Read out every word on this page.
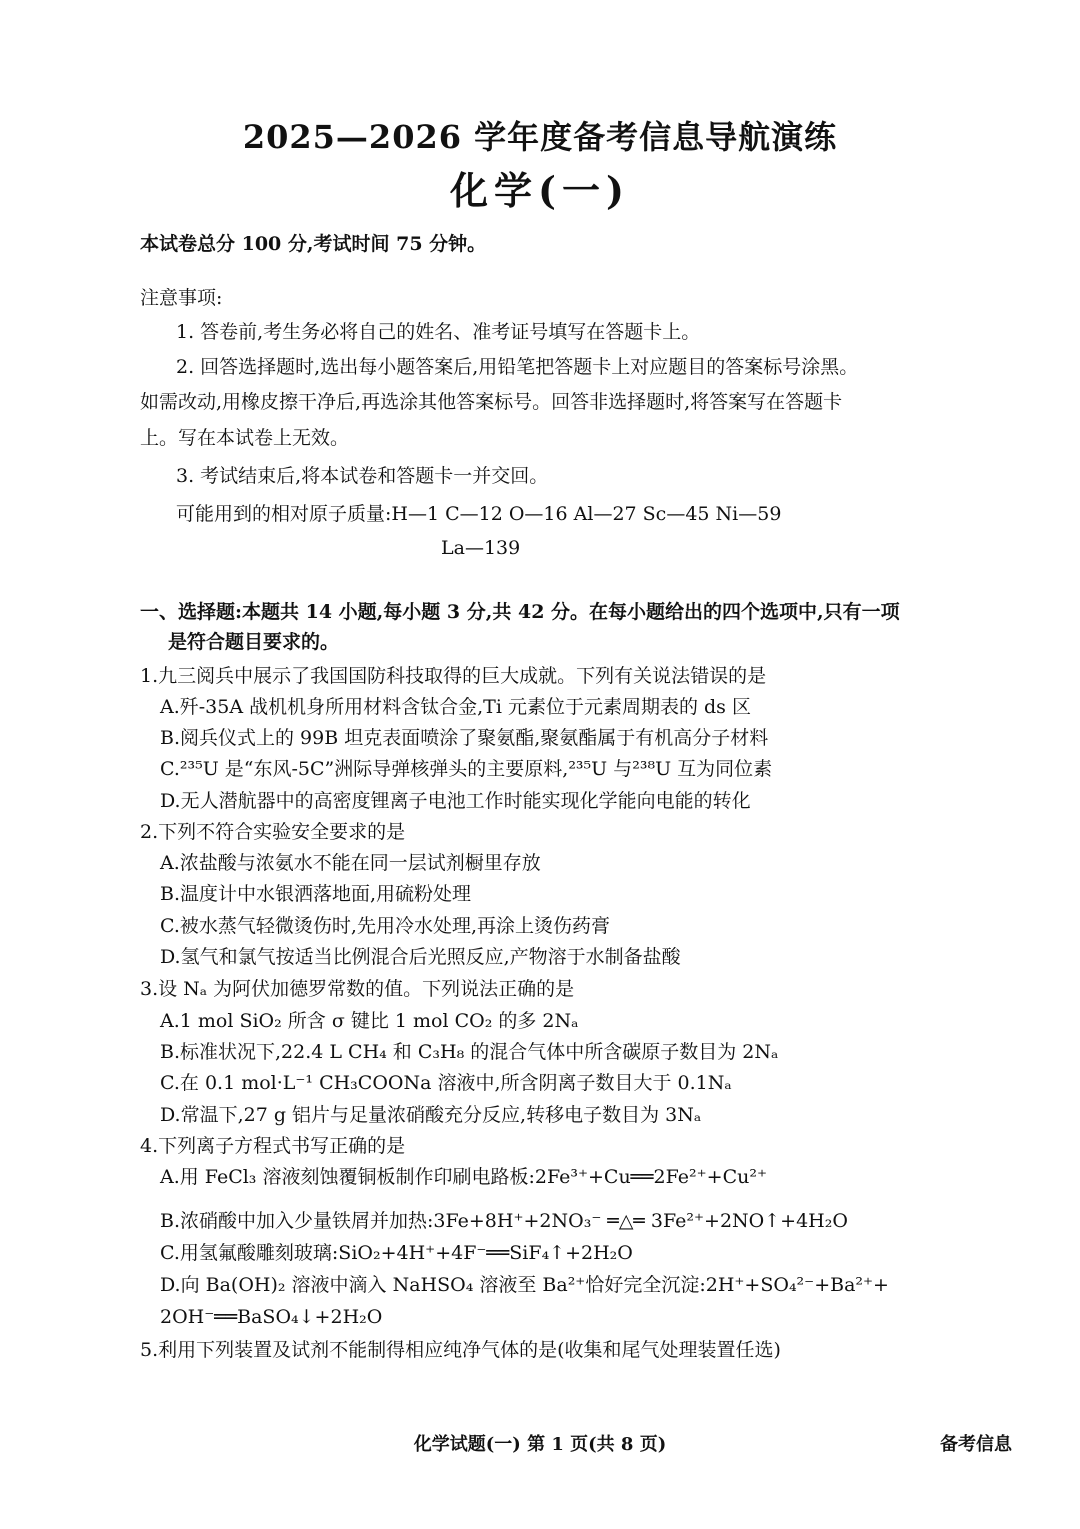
2025—2026 学年度备考信息导航演练
化学(一)
本试卷总分 100 分,考试时间 75 分钟。
注意事项:
1. 答卷前,考生务必将自己的姓名、准考证号填写在答题卡上。
2. 回答选择题时,选出每小题答案后,用铅笔把答题卡上对应题目的答案标号涂黑。
如需改动,用橡皮擦干净后,再选涂其他答案标号。回答非选择题时,将答案写在答题卡
上。写在本试卷上无效。
3. 考试结束后,将本试卷和答题卡一并交回。
可能用到的相对原子质量:H—1 C—12 O—16 Al—27 Sc—45 Ni—59
La—139
一、选择题:本题共 14 小题,每小题 3 分,共 42 分。在每小题给出的四个选项中,只有一项
是符合题目要求的。
1.九三阅兵中展示了我国国防科技取得的巨大成就。下列有关说法错误的是
A.歼-35A 战机机身所用材料含钛合金,Ti 元素位于元素周期表的 ds 区
B.阅兵仪式上的 99B 坦克表面喷涂了聚氨酯,聚氨酯属于有机高分子材料
C.²³⁵U 是“东风-5C”洲际导弹核弹头的主要原料,²³⁵U 与²³⁸U 互为同位素
D.无人潜航器中的高密度锂离子电池工作时能实现化学能向电能的转化
2.下列不符合实验安全要求的是
A.浓盐酸与浓氨水不能在同一层试剂橱里存放
B.温度计中水银洒落地面,用硫粉处理
C.被水蒸气轻微烫伤时,先用冷水处理,再涂上烫伤药膏
D.氢气和氯气按适当比例混合后光照反应,产物溶于水制备盐酸
3.设 Nₐ 为阿伏加德罗常数的值。下列说法正确的是
A.1 mol SiO₂ 所含 σ 键比 1 mol CO₂ 的多 2Nₐ
B.标准状况下,22.4 L CH₄ 和 C₃H₈ 的混合气体中所含碳原子数目为 2Nₐ
C.在 0.1 mol·L⁻¹ CH₃COONa 溶液中,所含阴离子数目大于 0.1Nₐ
D.常温下,27 g 铝片与足量浓硝酸充分反应,转移电子数目为 3Nₐ
4.下列离子方程式书写正确的是
A.用 FeCl₃ 溶液刻蚀覆铜板制作印刷电路板:2Fe³⁺+Cu══2Fe²⁺+Cu²⁺
B.浓硝酸中加入少量铁屑并加热:3Fe+8H⁺+2NO₃⁻ ═△═ 3Fe²⁺+2NO↑+4H₂O
C.用氢氟酸雕刻玻璃:SiO₂+4H⁺+4F⁻══SiF₄↑+2H₂O
D.向 Ba(OH)₂ 溶液中滴入 NaHSO₄ 溶液至 Ba²⁺恰好完全沉淀:2H⁺+SO₄²⁻+Ba²⁺+
2OH⁻══BaSO₄↓+2H₂O
5.利用下列装置及试剂不能制得相应纯净气体的是(收集和尾气处理装置任选)
化学试题(一) 第 1 页(共 8 页)	备考信息
